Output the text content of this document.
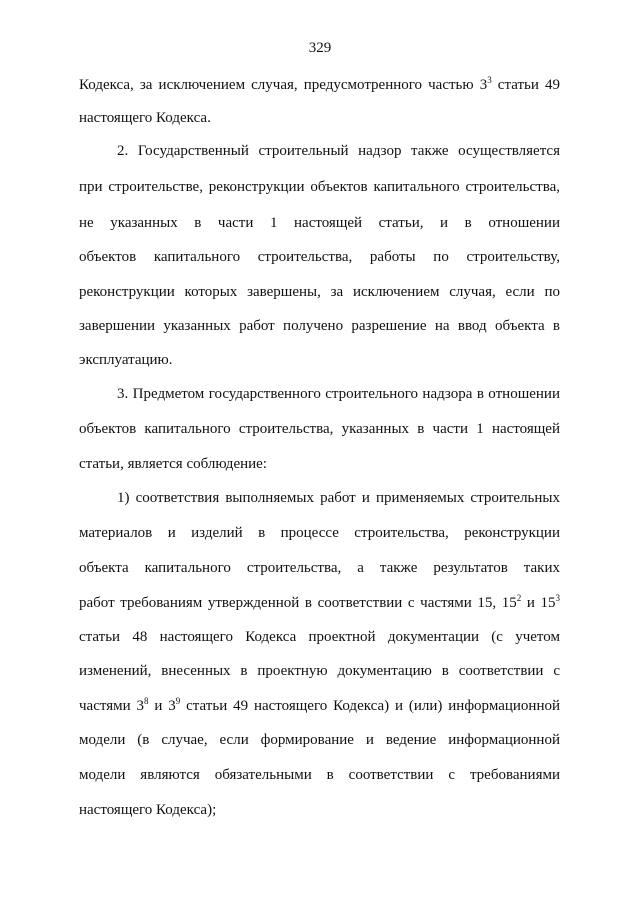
329
Кодекса, за исключением случая, предусмотренного частью $3^3$ статьи 49
настоящего Кодекса.
2. Государственный строительный надзор также осуществляется
при строительстве, реконструкции объектов капитального строительства,
не указанных в части 1 настоящей статьи, и в отношении
объектов капитального строительства, работы по строительству,
реконструкции которых завершены, за исключением случая, если по
завершении указанных работ получено разрешение на ввод объекта в
эксплуатацию.
3. Предметом государственного строительного надзора в отношении
объектов капитального строительства, указанных в части 1 настоящей
статьи, является соблюдение:
1) соответствия выполняемых работ и применяемых строительных
материалов и изделий в процессе строительства, реконструкции
объекта капитального строительства, а также результатов таких
работ требованиям утвержденной в соответствии с частями 15, $15^2$ и $15^3$
статьи 48 настоящего Кодекса проектной документации (с учетом
изменений, внесенных в проектную документацию в соответствии с
частями $3^8$ и $3^9$ статьи 49 настоящего Кодекса) и (или) информационной
модели (в случае, если формирование и ведение информационной
модели являются обязательными в соответствии с требованиями
настоящего Кодекса);
